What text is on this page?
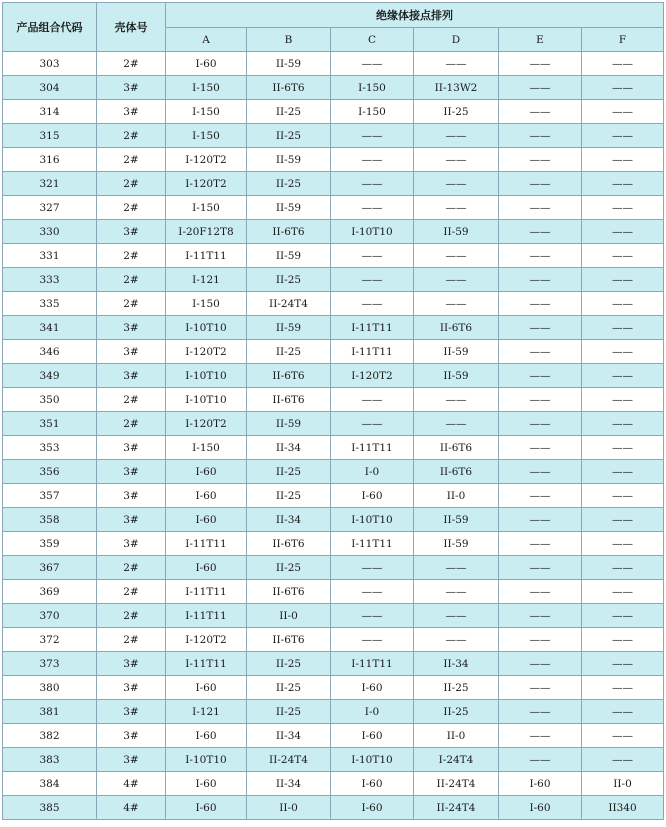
产品组合代码	壳体号	绝缘体接点排列					
		A	B	C	D	E	F
303	2#	I-60	II-59	——	——	——	——
304	3#	I-150	II-6T6	I-150	II-13W2	——	——
314	3#	I-150	II-25	I-150	II-25	——	——
315	2#	I-150	II-25	——	——	——	——
316	2#	I-120T2	II-59	——	——	——	——
321	2#	I-120T2	II-25	——	——	——	——
327	2#	I-150	II-59	——	——	——	——
330	3#	I-20F12T8	II-6T6	I-10T10	II-59	——	——
331	2#	I-11T11	II-59	——	——	——	——
333	2#	I-121	II-25	——	——	——	——
335	2#	I-150	II-24T4	——	——	——	——
341	3#	I-10T10	II-59	I-11T11	II-6T6	——	——
346	3#	I-120T2	II-25	I-11T11	II-59	——	——
349	3#	I-10T10	II-6T6	I-120T2	II-59	——	——
350	2#	I-10T10	II-6T6	——	——	——	——
351	2#	I-120T2	II-59	——	——	——	——
353	3#	I-150	II-34	I-11T11	II-6T6	——	——
356	3#	I-60	II-25	I-0	II-6T6	——	——
357	3#	I-60	II-25	I-60	II-0	——	——
358	3#	I-60	II-34	I-10T10	II-59	——	——
359	3#	I-11T11	II-6T6	I-11T11	II-59	——	——
367	2#	I-60	II-25	——	——	——	——
369	2#	I-11T11	II-6T6	——	——	——	——
370	2#	I-11T11	II-0	——	——	——	——
372	2#	I-120T2	II-6T6	——	——	——	——
373	3#	I-11T11	II-25	I-11T11	II-34	——	——
380	3#	I-60	II-25	I-60	II-25	——	——
381	3#	I-121	II-25	I-0	II-25	——	——
382	3#	I-60	II-34	I-60	II-0	——	——
383	3#	I-10T10	II-24T4	I-10T10	I-24T4	——	——
384	4#	I-60	II-34	I-60	II-24T4	I-60	II-0
385	4#	I-60	II-0	I-60	II-24T4	I-60	II340
